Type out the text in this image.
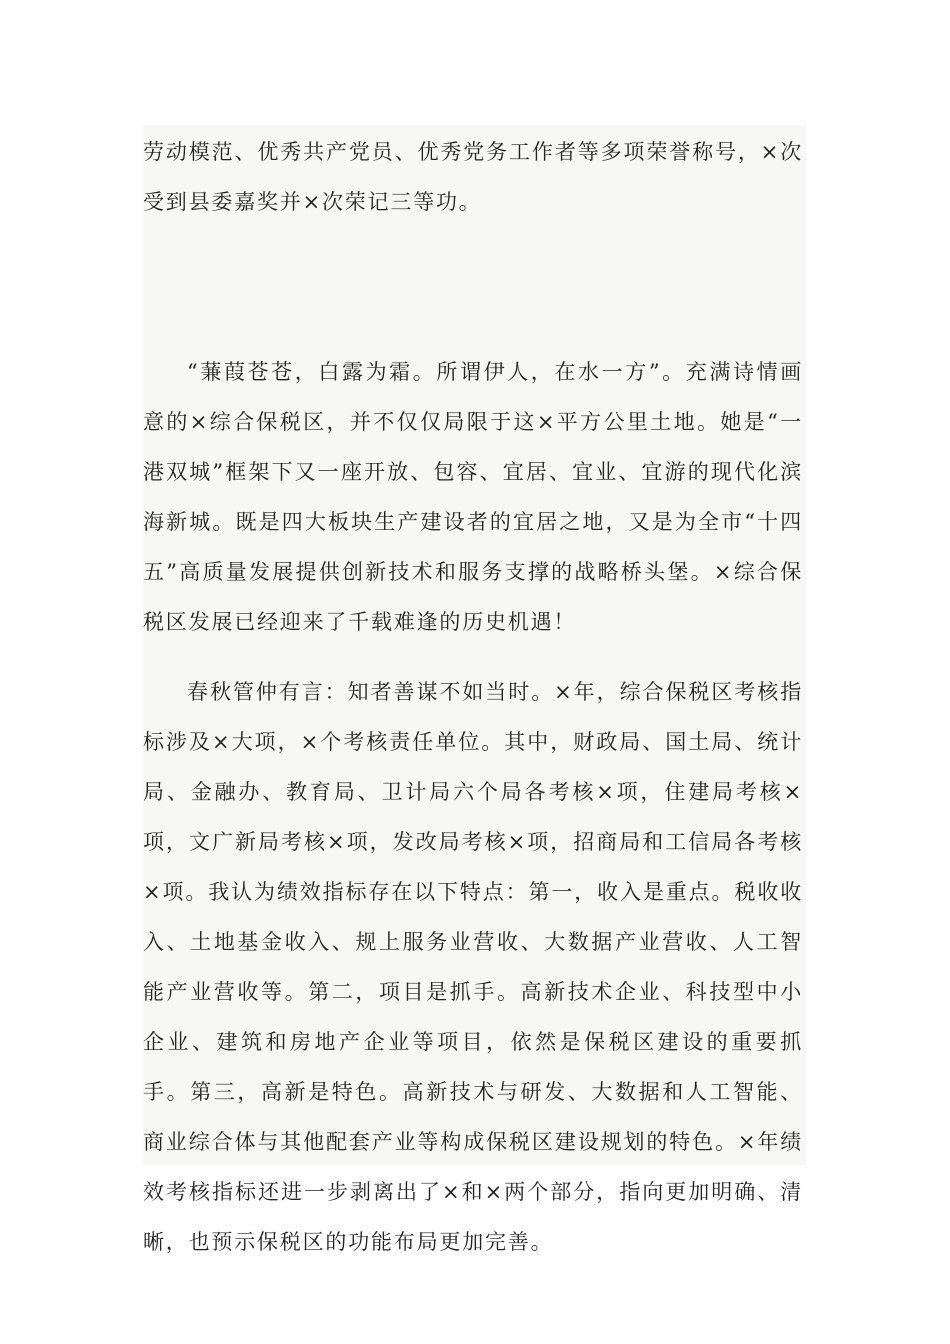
劳动模范、优秀共产党员、优秀党务工作者等多项荣誉称号，×次受到县委嘉奖并×次荣记三等功。

“蒹葭苍苍，白露为霜。所谓伊人，在水一方”。充满诗情画意的×综合保税区，并不仅仅局限于这×平方公里土地。她是“一港双城”框架下又一座开放、包容、宜居、宜业、宜游的现代化滨海新城。既是四大板块生产建设者的宜居之地，又是为全市“十四五”高质量发展提供创新技术和服务支撑的战略桥头堡。×综合保税区发展已经迎来了千载难逢的历史机遇！

春秋管仲有言：知者善谋不如当时。×年，综合保税区考核指标涉及×大项，×个考核责任单位。其中，财政局、国土局、统计局、金融办、教育局、卫计局六个局各考核×项，住建局考核×项，文广新局考核×项，发改局考核×项，招商局和工信局各考核×项。我认为绩效指标存在以下特点：第一，收入是重点。税收收入、土地基金收入、规上服务业营收、大数据产业营收、人工智能产业营收等。第二，项目是抓手。高新技术企业、科技型中小企业、建筑和房地产企业等项目，依然是保税区建设的重要抓手。第三，高新是特色。高新技术与研发、大数据和人工智能、商业综合体与其他配套产业等构成保税区建设规划的特色。×年绩效考核指标还进一步剥离出了×和×两个部分，指向更加明确、清晰，也预示保税区的功能布局更加完善。
